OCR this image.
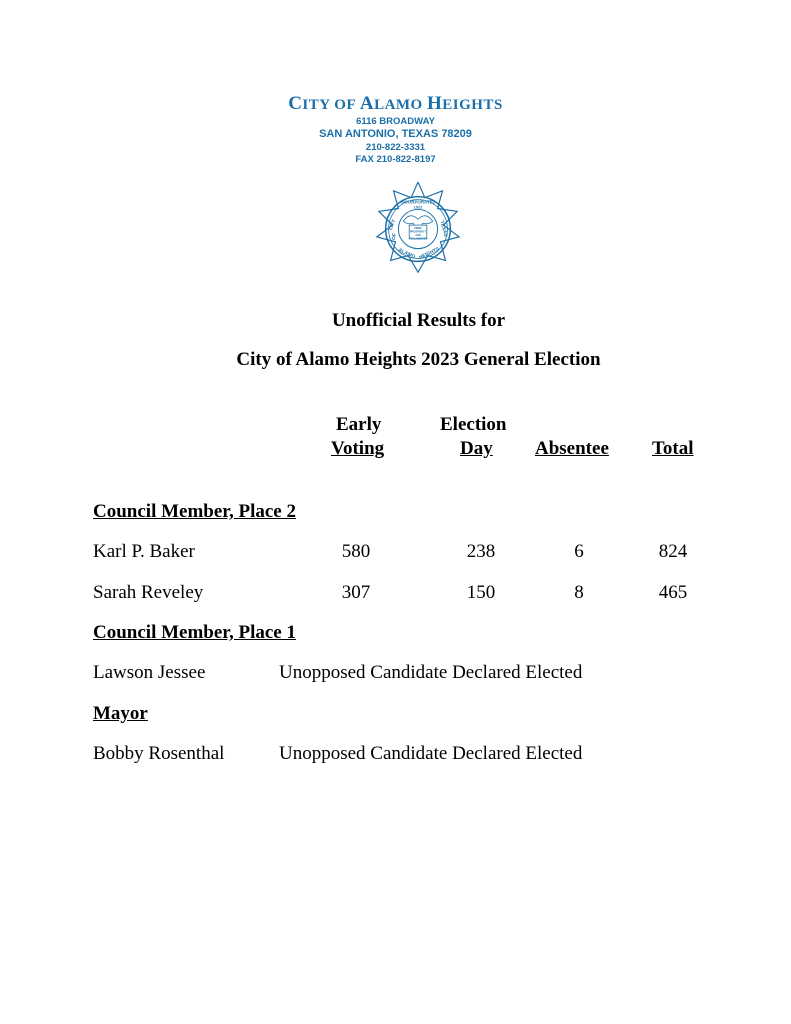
CITY OF ALAMO HEIGHTS
6116 BROADWAY
SAN ANTONIO, TEXAS 78209
210-822-3331
FAX 210-822-8197
INCORPORATED
1922
CITY
OF	TEXAS
ALAMO HEIGHTS
PRIDE
PROSPERITY
AND
FELLOWSHIP
Unofficial Results for
City of Alamo Heights 2023 General Election
Early
Voting
Election
Day Absentee Total
Council Member, Place 2
Karl P. Baker	580	238	6	824
Sarah Reveley	307	150	8	465
Council Member, Place 1
Lawson Jessee	Unopposed Candidate Declared Elected
Mayor
Bobby Rosenthal	Unopposed Candidate Declared Elected
